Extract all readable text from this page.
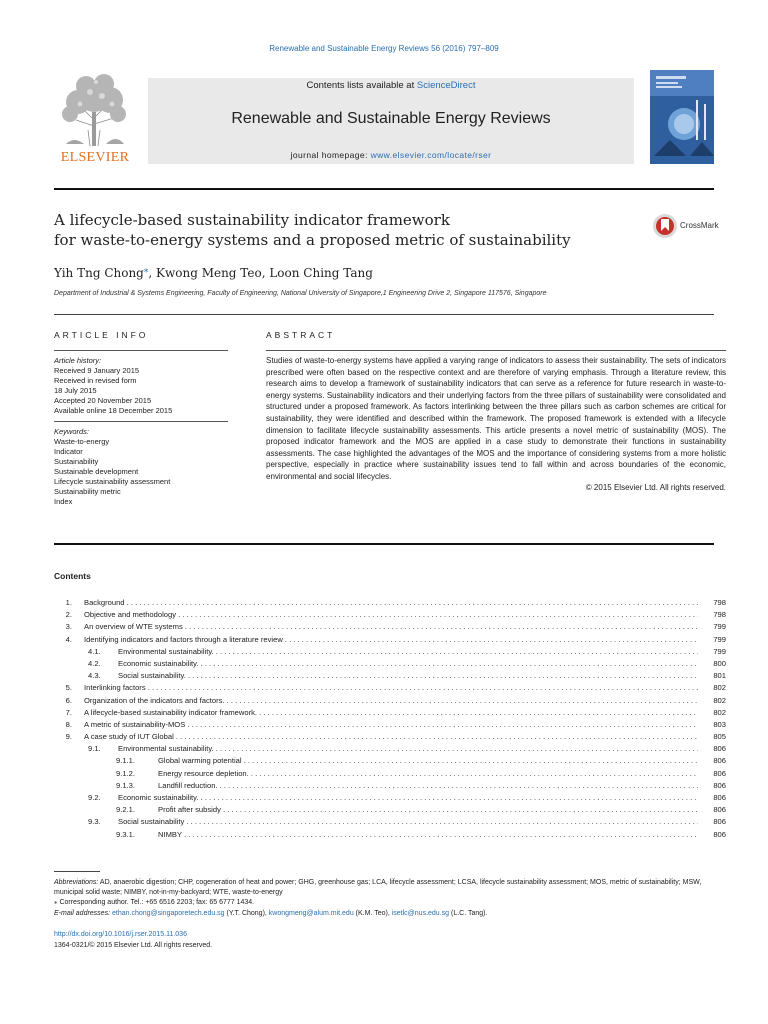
Renewable and Sustainable Energy Reviews 56 (2016) 797–809
ELSEVIER
Contents lists available at ScienceDirect
Renewable and Sustainable Energy Reviews
journal homepage: www.elsevier.com/locate/rser
A lifecycle-based sustainability indicator framework
for waste-to-energy systems and a proposed metric of sustainability
CrossMark
Yih Tng Chong⁎, Kwong Meng Teo, Loon Ching Tang
Department of Industrial & Systems Engineering, Faculty of Engineering, National University of Singapore,1 Engineering Drive 2, Singapore 117576, Singapore
ARTICLE INFO	ABSTRACT
Article history:
Received 9 January 2015
Received in revised form
18 July 2015
Accepted 20 November 2015
Available online 18 December 2015
Keywords:
Waste-to-energy
Indicator
Sustainability
Sustainable development
Lifecycle sustainability assessment
Sustainability metric
Index
Studies of waste-to-energy systems have applied a varying range of indicators to assess their sustainability. The sets of indicators prescribed were often based on the respective context and are therefore of varying emphasis. Through a literature review, this research aims to develop a framework of sustainability indicators that can serve as a reference for future research in waste-to-energy systems. Sustainability indicators and their underlying factors from the three pillars of sustainability were consolidated and structured under a proposed framework. As factors interlinking between the three pillars such as carbon schemes are critical for sustainability, they were identified and described within the framework. The proposed framework is extended with a lifecycle dimension to facilitate lifecycle sustainability assessments. This article presents a novel metric of sustainability (MOS). The proposed indicator framework and the MOS are applied in a case study to demonstrate their functions in sustainability assessments. The case highlighted the advantages of the MOS and the importance of considering systems from a more holistic perspective, especially in practice where sustainability issues tend to fall within and across boundaries of the economic, environmental and social lifecycles.
© 2015 Elsevier Ltd. All rights reserved.
Contents
1. Background . . .	798
2. Objective and methodology . . .	798
3. An overview of WTE systems . . .	799
4. Identifying indicators and factors through a literature review . . .	799
4.1.	Environmental sustainability. . . .	799
4.2.	Economic sustainability. . . .	800
4.3.	Social sustainability. . . .	801
5. Interlinking factors . . .	802
6. Organization of the indicators and factors. . . .	802
7. A lifecycle-based sustainability indicator framework. . . .	802
8. A metric of sustainability-MOS . . .	803
9. A case study of IUT Global . . .	805
9.1.	Environmental sustainability. . . .	806
9.1.1.	Global warming potential . . .	806
9.1.2.	Energy resource depletion. . . .	806
9.1.3.	Landfill reduction. . . .	806
9.2.	Economic sustainability. . . .	806
9.2.1.	Profit after subsidy . . .	806
9.3.	Social sustainability . . .	806
9.3.1.	NIMBY . . .	806
Abbreviations: AD, anaerobic digestion; CHP, cogeneration of heat and power; GHG, greenhouse gas; LCA, lifecycle assessment; LCSA, lifecycle sustainability assessment; MOS, metric of sustainability; MSW, municipal solid waste; NIMBY, not-in-my-backyard; WTE, waste-to-energy
⁎ Corresponding author. Tel.: +65 6516 2203; fax: 65 6777 1434.
E-mail addresses: ethan.chong@singaporetech.edu.sg (Y.T. Chong), kwongmeng@alum.mit.edu (K.M. Teo), isetlc@nus.edu.sg (L.C. Tang).
http://dx.doi.org/10.1016/j.rser.2015.11.036
1364-0321/© 2015 Elsevier Ltd. All rights reserved.
